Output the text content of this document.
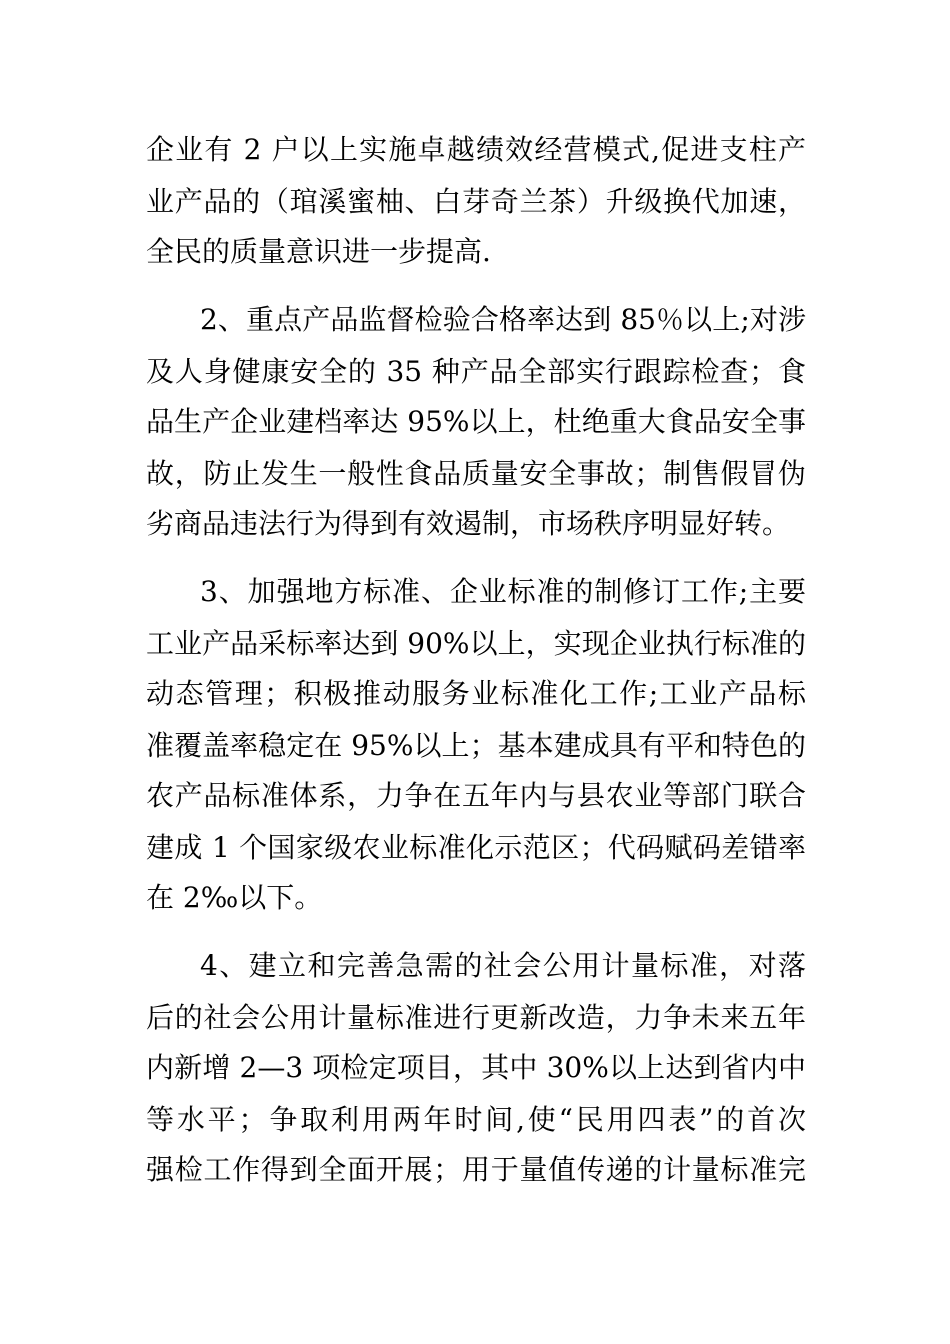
企业有 2 户以上实施卓越绩效经营模式,促进支柱产
业产品的（琯溪蜜柚、白芽奇兰茶）升级换代加速，
全民的质量意识进一步提高.
2、重点产品监督检验合格率达到 85％以上;对涉
及人身健康安全的 35 种产品全部实行跟踪检查；食
品生产企业建档率达 95%以上，杜绝重大食品安全事
故，防止发生一般性食品质量安全事故；制售假冒伪
劣商品违法行为得到有效遏制，市场秩序明显好转。
3、加强地方标准、企业标准的制修订工作;主要
工业产品采标率达到 90%以上，实现企业执行标准的
动态管理；积极推动服务业标准化工作;工业产品标
准覆盖率稳定在 95%以上；基本建成具有平和特色的
农产品标准体系，力争在五年内与县农业等部门联合
建成 1 个国家级农业标准化示范区；代码赋码差错率
在 2‰以下。
4、建立和完善急需的社会公用计量标准，对落
后的社会公用计量标准进行更新改造，力争未来五年
内新增 2—3 项检定项目，其中 30%以上达到省内中
等水平；争取利用两年时间,使“民用四表”的首次
强检工作得到全面开展；用于量值传递的计量标准完
